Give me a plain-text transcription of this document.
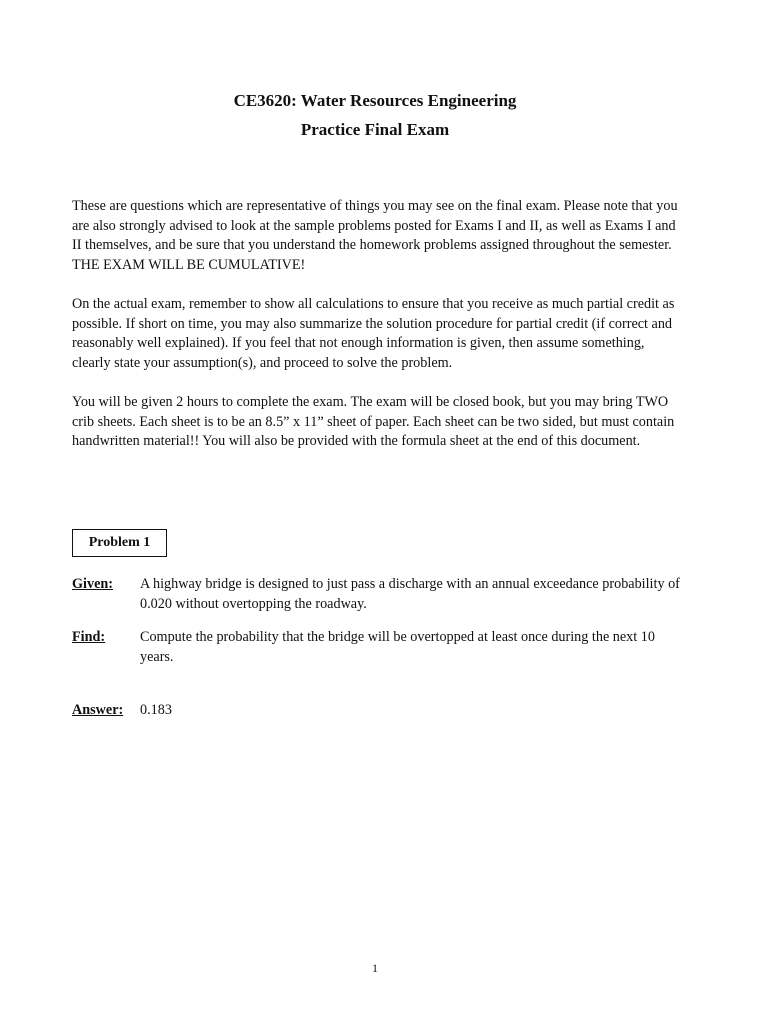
CE3620: Water Resources Engineering
Practice Final Exam

These are questions which are representative of things you may see on the final exam. Please note that you are also strongly advised to look at the sample problems posted for Exams I and II, as well as Exams I and II themselves, and be sure that you understand the homework problems assigned throughout the semester. THE EXAM WILL BE CUMULATIVE!

On the actual exam, remember to show all calculations to ensure that you receive as much partial credit as possible. If short on time, you may also summarize the solution procedure for partial credit (if correct and reasonably well explained). If you feel that not enough information is given, then assume something, clearly state your assumption(s), and proceed to solve the problem.

You will be given 2 hours to complete the exam. The exam will be closed book, but you may bring TWO crib sheets. Each sheet is to be an 8.5” x 11” sheet of paper. Each sheet can be two sided, but must contain handwritten material!! You will also be provided with the formula sheet at the end of this document.

Problem 1

Given: A highway bridge is designed to just pass a discharge with an annual exceedance probability of 0.020 without overtopping the roadway.

Find: Compute the probability that the bridge will be overtopped at least once during the next 10 years.

Answer: 0.183

1
